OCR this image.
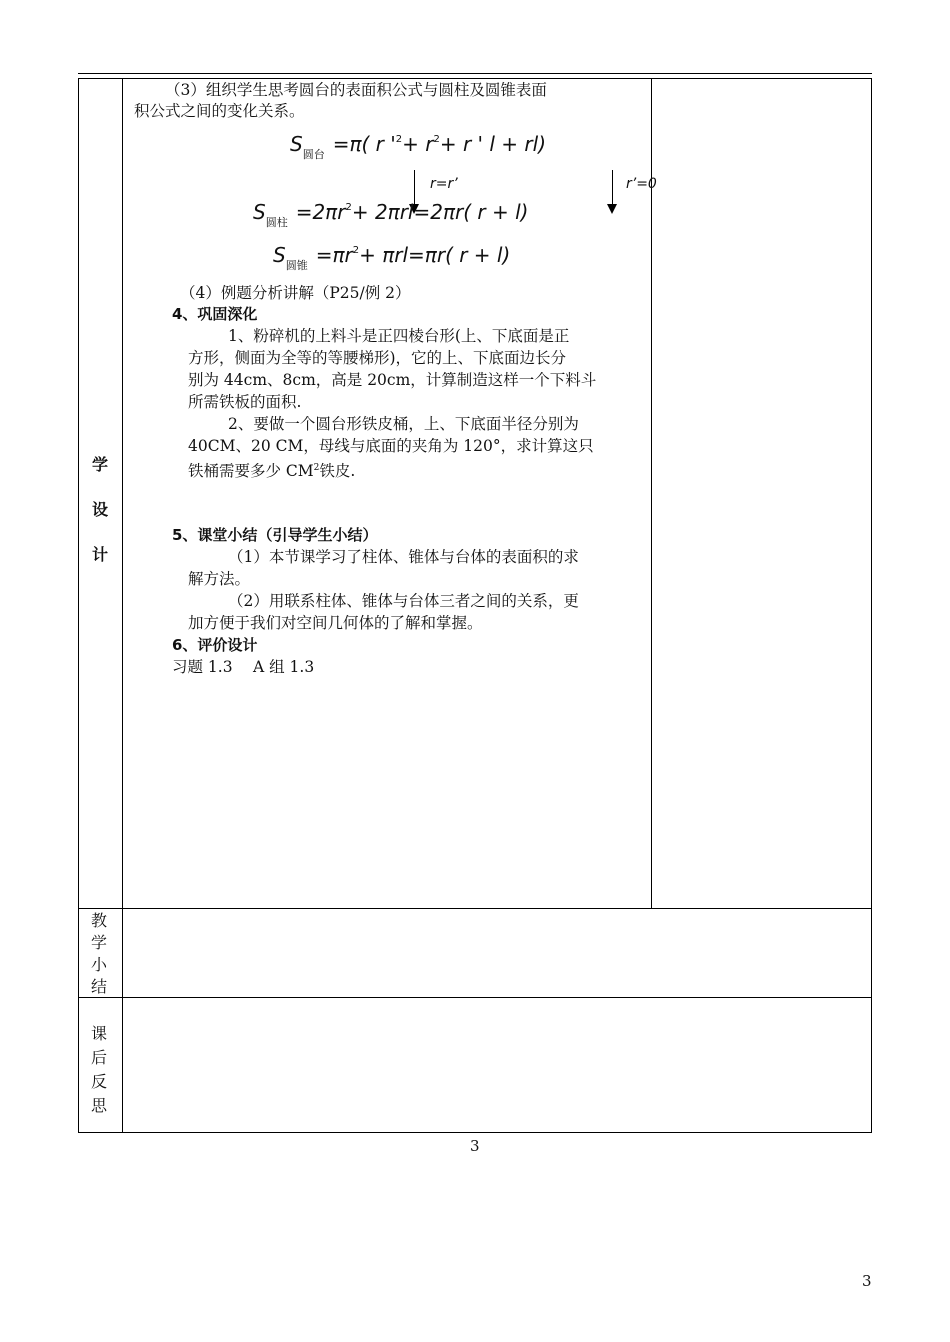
学
设
计
教学小结
课后反思
（3）组织学生思考圆台的表面积公式与圆柱及圆锥表面
积公式之间的变化关系。
$S_{圆台} =\pi$( r '$^2+ r^2+ r$ ' l + rl)
r=r’	r’=0
$S_{圆柱} =2\pi r^2+ 2\pi rl=2\pi r$( r + l)
$S_{圆锥} =\pi r^2+ \pi rl=\pi r$( r + l)
（4）例题分析讲解（P25/例 2）
4、巩固深化
1、粉碎机的上料斗是正四棱台形(上、下底面是正
方形，侧面为全等的等腰梯形)，它的上、下底面边长分
别为 44cm、8cm，高是 20cm，计算制造这样一个下料斗
所需铁板的面积.
2、要做一个圆台形铁皮桶，上、下底面半径分别为
40CM、20 CM，母线与底面的夹角为 120°，求计算这只
铁桶需要多少 $CM^2$铁皮.
5、课堂小结（引导学生小结）
（1）本节课学习了柱体、锥体与台体的表面积的求
解方法。
（2）用联系柱体、锥体与台体三者之间的关系，更
加方便于我们对空间几何体的了解和掌握。
6、评价设计
习题 1.3　 A 组 1.3
3
3
